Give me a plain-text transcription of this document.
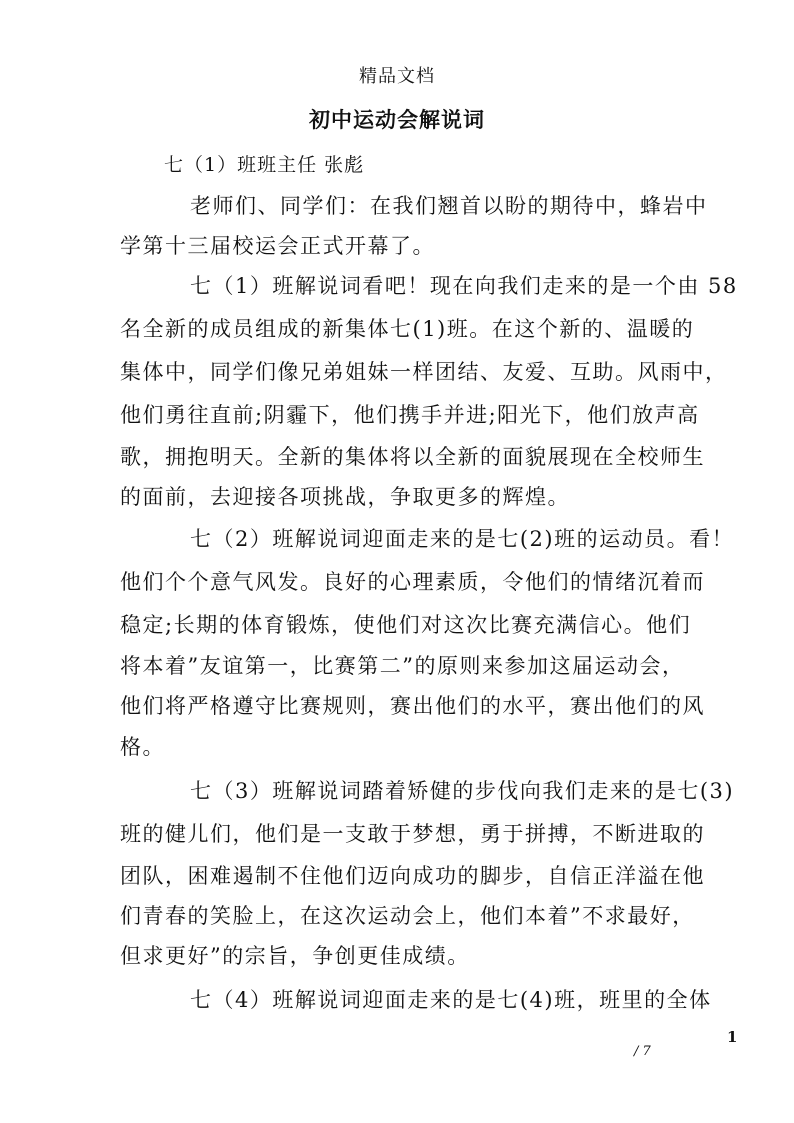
精品文档
初中运动会解说词
七（1）班班主任 张彪
老师们、同学们：在我们翘首以盼的期待中，蜂岩中
学第十三届校运会正式开幕了。
七（1）班解说词看吧！现在向我们走来的是一个由 58
名全新的成员组成的新集体七(1)班。在这个新的、温暖的
集体中，同学们像兄弟姐妹一样团结、友爱、互助。风雨中，
他们勇往直前;阴霾下，他们携手并进;阳光下，他们放声高
歌，拥抱明天。全新的集体将以全新的面貌展现在全校师生
的面前，去迎接各项挑战，争取更多的辉煌。
七（2）班解说词迎面走来的是七(2)班的运动员。看！
他们个个意气风发。良好的心理素质，令他们的情绪沉着而
稳定;长期的体育锻炼，使他们对这次比赛充满信心。他们
将本着”友谊第一，比赛第二”的原则来参加这届运动会，
他们将严格遵守比赛规则，赛出他们的水平，赛出他们的风
格。
七（3）班解说词踏着矫健的步伐向我们走来的是七(3)
班的健儿们，他们是一支敢于梦想，勇于拼搏，不断进取的
团队，困难遏制不住他们迈向成功的脚步，自信正洋溢在他
们青春的笑脸上，在这次运动会上，他们本着”不求最好，
但求更好”的宗旨，争创更佳成绩。
七（4）班解说词迎面走来的是七(4)班，班里的全体
1
/ 7
